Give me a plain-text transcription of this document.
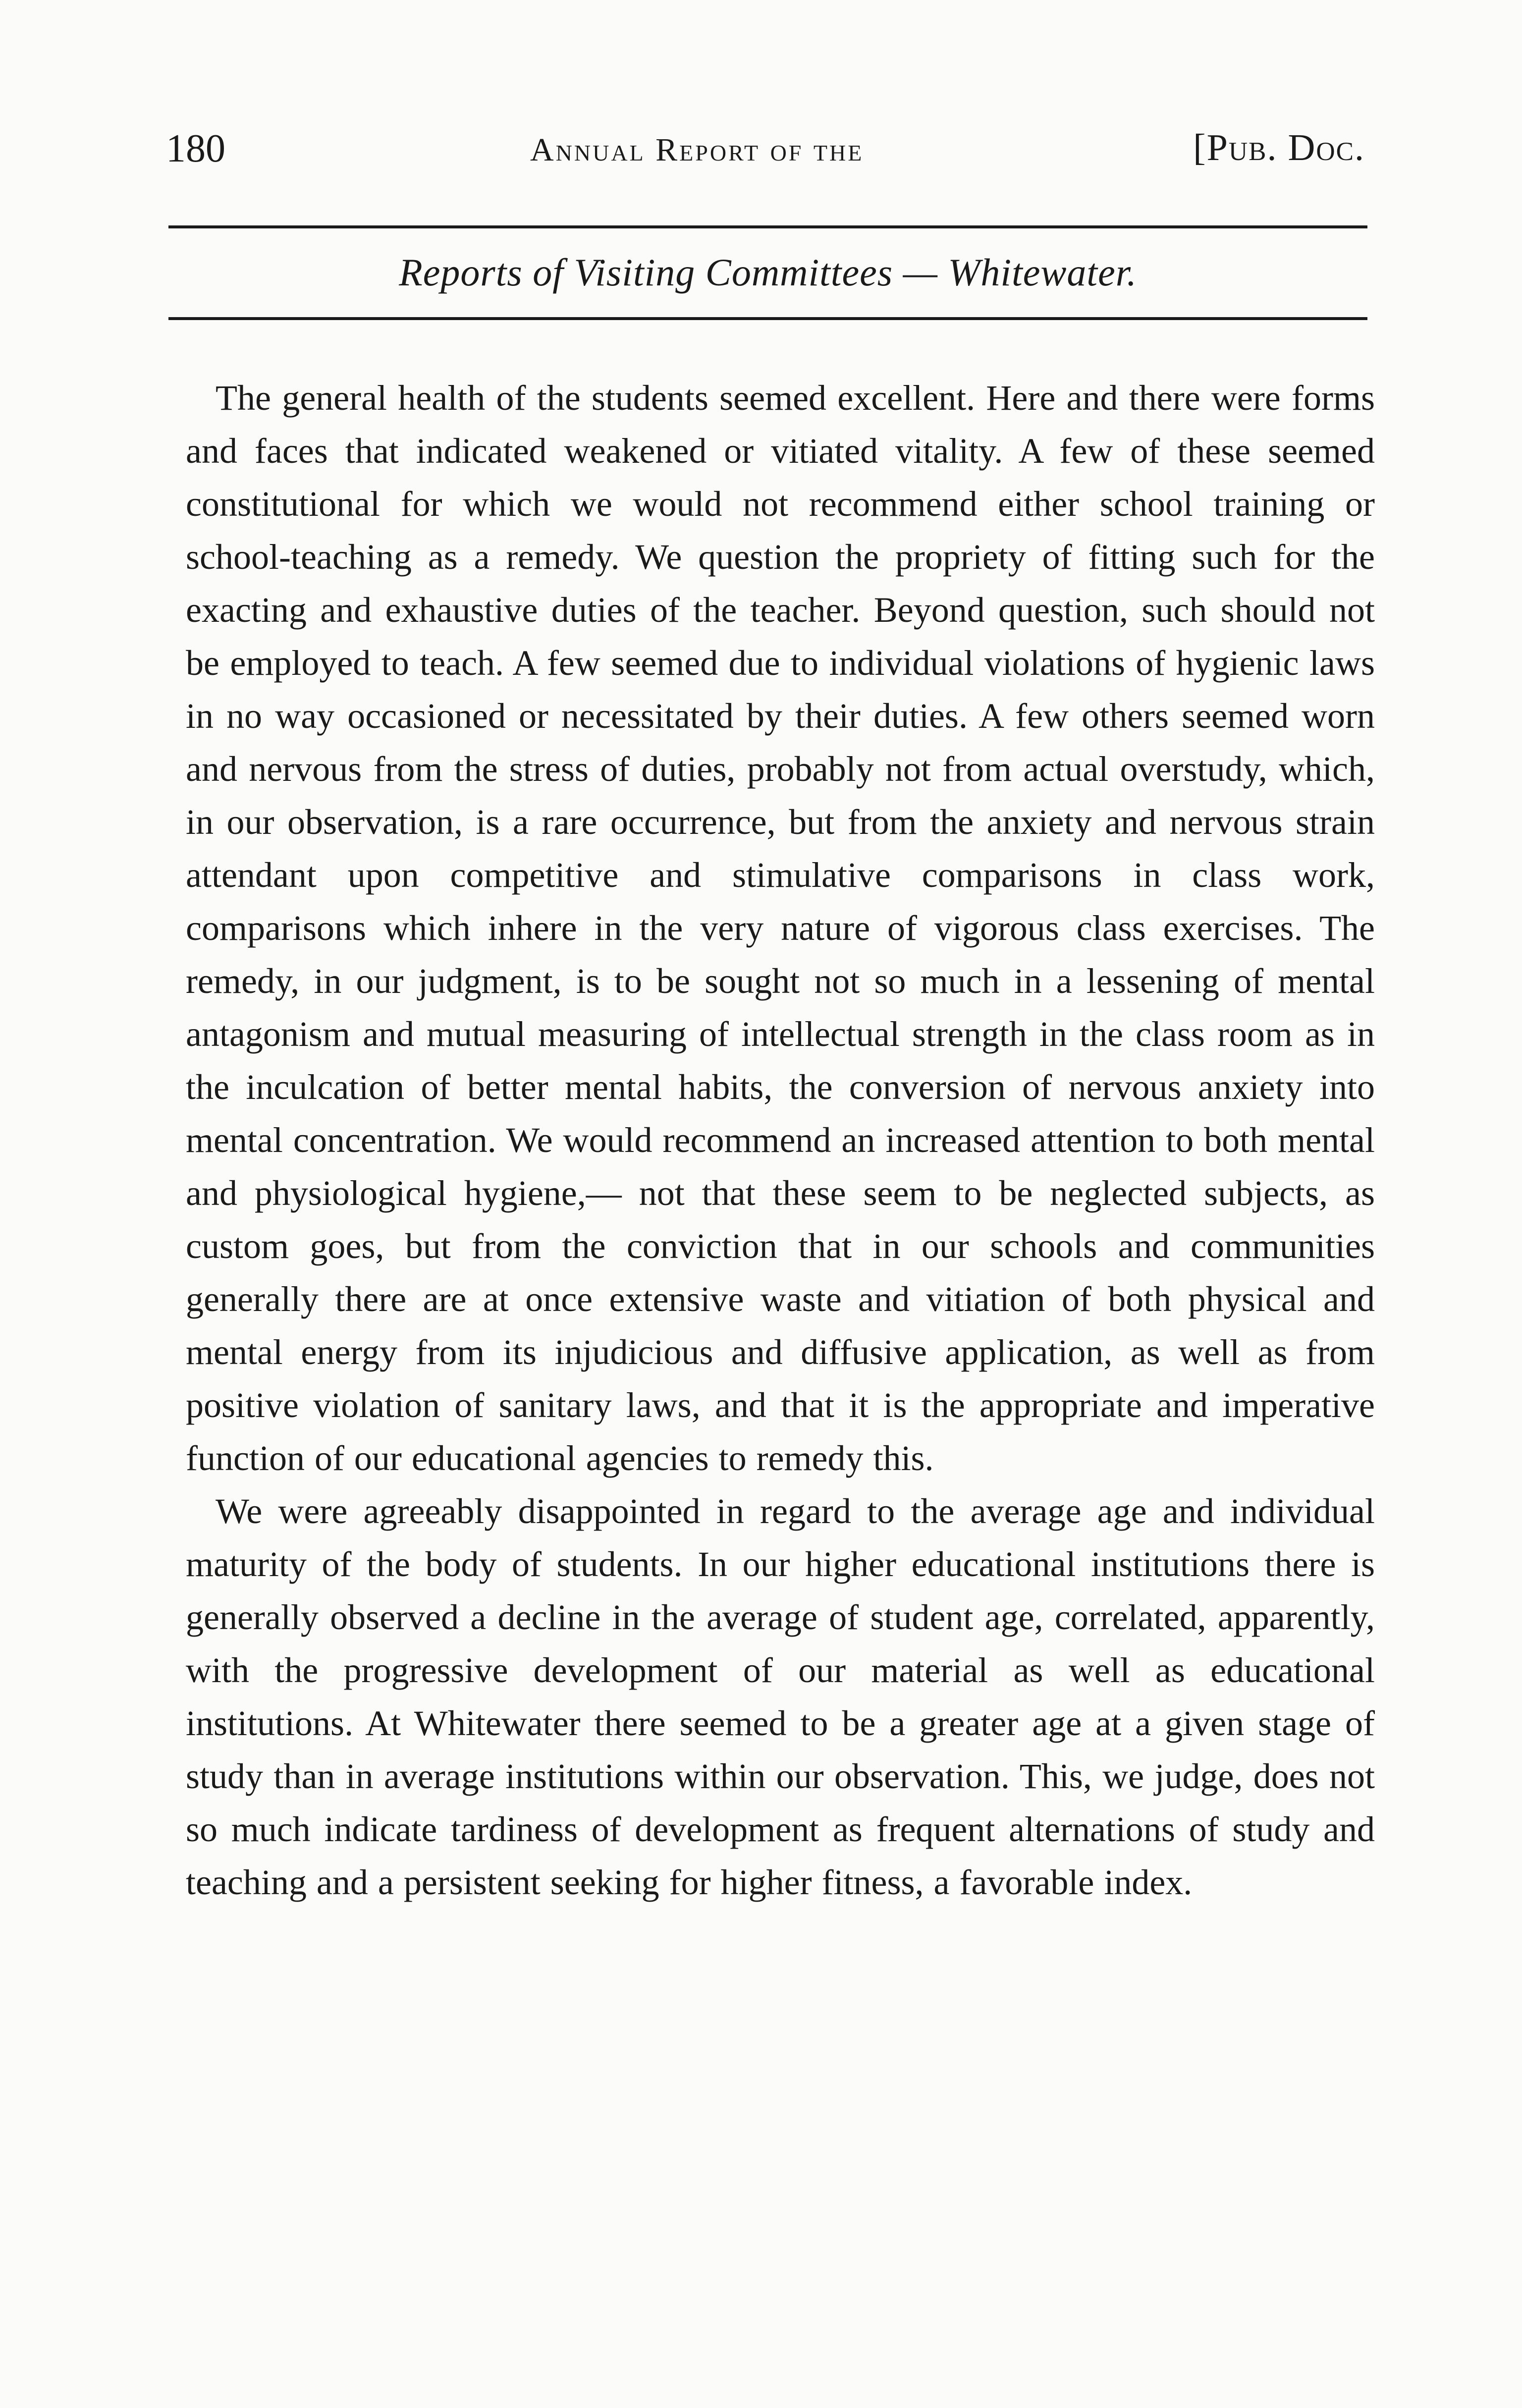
180	Annual Report of the	[Pub. Doc.
Reports of Visiting Committees — Whitewater.

The general health of the students seemed excellent. Here and there were forms and faces that indicated weakened or vitiated vitality. A few of these seemed constitutional for which we would not recommend either school training or school-teaching as a remedy. We question the propriety of fitting such for the exacting and exhaustive duties of the teacher. Beyond question, such should not be employed to teach. A few seemed due to individual violations of hygienic laws in no way occasioned or necessitated by their duties. A few others seemed worn and nervous from the stress of duties, probably not from actual overstudy, which, in our observation, is a rare occurrence, but from the anxiety and nervous strain attendant upon competitive and stimulative comparisons in class work, comparisons which inhere in the very nature of vigorous class exercises. The remedy, in our judgment, is to be sought not so much in a lessening of mental antagonism and mutual measuring of intellectual strength in the class room as in the inculcation of better mental habits, the conversion of nervous anxiety into mental concentration. We would recommend an increased attention to both mental and physiological hygiene,— not that these seem to be neglected subjects, as custom goes, but from the conviction that in our schools and communities generally there are at once extensive waste and vitiation of both physical and mental energy from its injudicious and diffusive application, as well as from positive violation of sanitary laws, and that it is the appropriate and imperative function of our educational agencies to remedy this.

We were agreeably disappointed in regard to the average age and individual maturity of the body of students. In our higher educational institutions there is generally observed a decline in the average of student age, correlated, apparently, with the progressive development of our material as well as educational institutions. At Whitewater there seemed to be a greater age at a given stage of study than in average institutions within our observation. This, we judge, does not so much indicate tardiness of development as frequent alternations of study and teaching and a persistent seeking for higher fitness, a favorable index.
